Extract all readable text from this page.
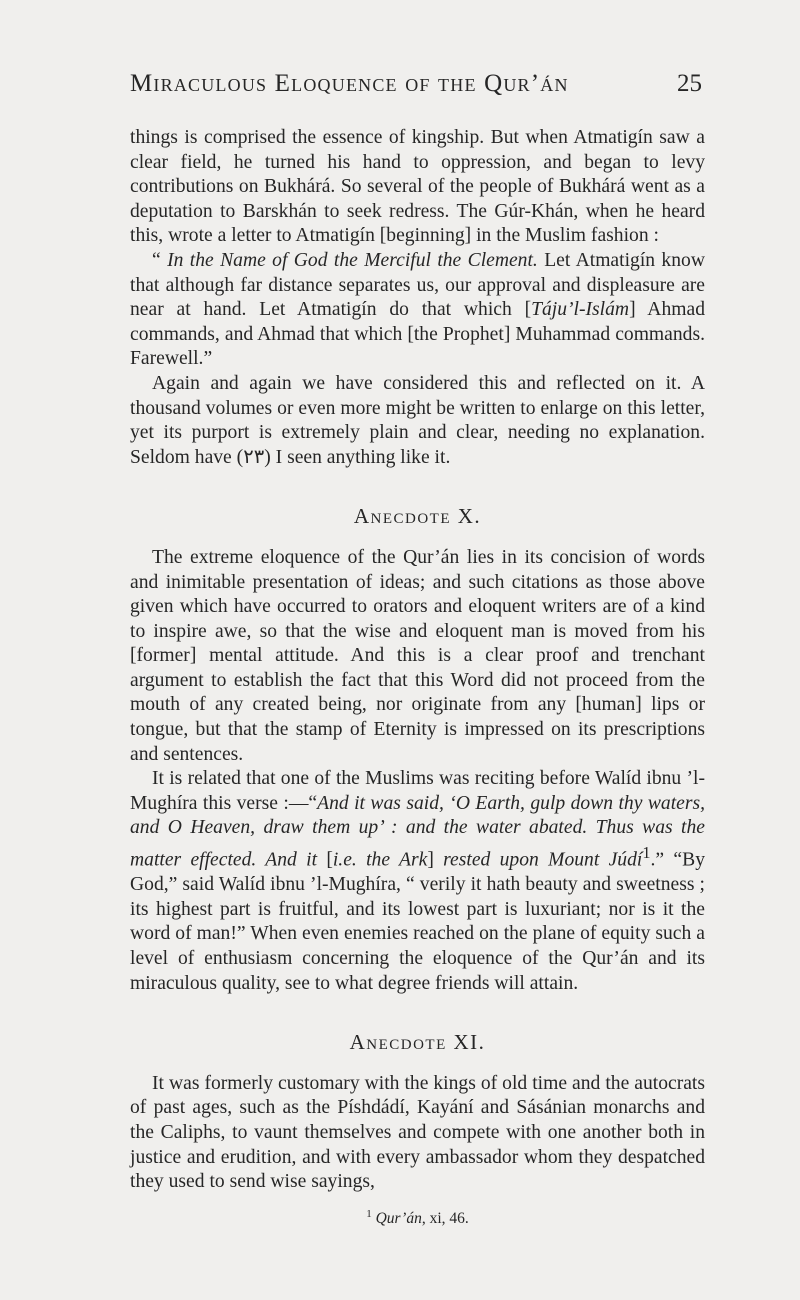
Miraculous Eloquence of the Qur’án	25

things is comprised the essence of kingship. But when Atmatigín saw a clear field, he turned his hand to oppression, and began to levy contributions on Bukhárá. So several of the people of Bukhárá went as a deputation to Barskhán to seek redress. The Gúr-Khán, when he heard this, wrote a letter to Atmatigín [beginning] in the Muslim fashion :

“ In the Name of God the Merciful the Clement. Let Atmatigín know that although far distance separates us, our approval and displeasure are near at hand. Let Atmatigín do that which [Táju’l-Islám] Ahmad commands, and Ahmad that which [the Prophet] Muhammad commands. Farewell.”

Again and again we have considered this and reflected on it. A thousand volumes or even more might be written to enlarge on this letter, yet its purport is extremely plain and clear, needing no explanation. Seldom have (٢٣) I seen anything like it.

Anecdote X.

The extreme eloquence of the Qur’án lies in its concision of words and inimitable presentation of ideas; and such citations as those above given which have occurred to orators and eloquent writers are of a kind to inspire awe, so that the wise and eloquent man is moved from his [former] mental attitude. And this is a clear proof and trenchant argument to establish the fact that this Word did not proceed from the mouth of any created being, nor originate from any [human] lips or tongue, but that the stamp of Eternity is impressed on its prescriptions and sentences.

It is related that one of the Muslims was reciting before Walíd ibnu ’l-Mughíra this verse :—“And it was said, ‘O Earth, gulp down thy waters, and O Heaven, draw them up’ : and the water abated. Thus was the matter effected. And it [i.e. the Ark] rested upon Mount Júdí$^1$.” “By God,” said Walíd ibnu ’l-Mughíra, “ verily it hath beauty and sweetness ; its highest part is fruitful, and its lowest part is luxuriant; nor is it the word of man!” When even enemies reached on the plane of equity such a level of enthusiasm concerning the eloquence of the Qur’án and its miraculous quality, see to what degree friends will attain.

Anecdote XI.

It was formerly customary with the kings of old time and the autocrats of past ages, such as the Píshdádí, Kayání and Sásánian monarchs and the Caliphs, to vaunt themselves and compete with one another both in justice and erudition, and with every ambassador whom they despatched they used to send wise sayings,

$^1$ Qur’án, xi, 46.
